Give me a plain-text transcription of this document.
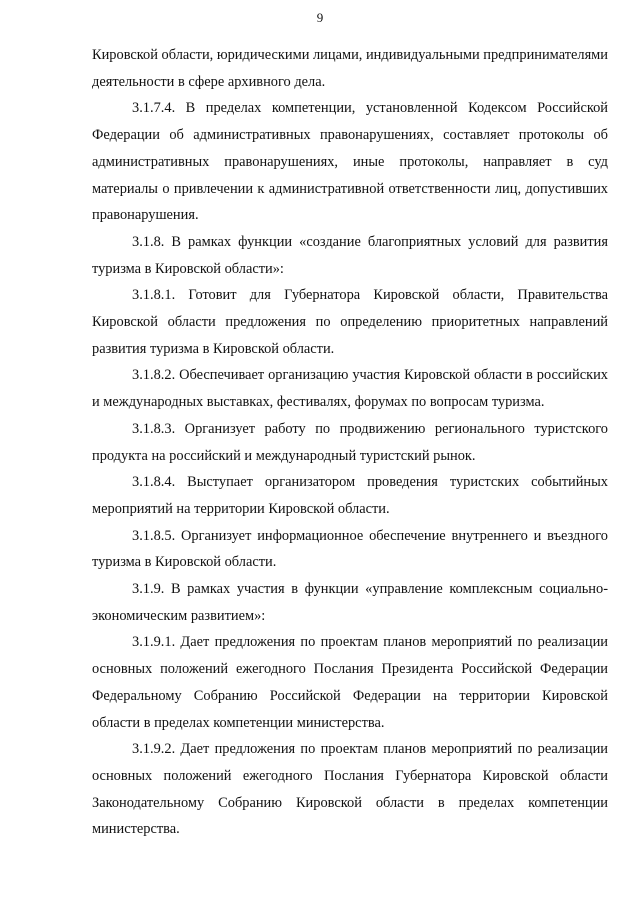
9

Кировской области, юридическими лицами, индивидуальными предпринимателями деятельности в сфере архивного дела.

3.1.7.4. В пределах компетенции, установленной Кодексом Российской Федерации об административных правонарушениях, составляет протоколы об административных правонарушениях, иные протоколы, направляет в суд материалы о привлечении к административной ответственности лиц, допустивших правонарушения.

3.1.8. В рамках функции «создание благоприятных условий для развития туризма в Кировской области»:

3.1.8.1. Готовит для Губернатора Кировской области, Правительства Кировской области предложения по определению приоритетных направлений развития туризма в Кировской области.

3.1.8.2. Обеспечивает организацию участия Кировской области в российских и международных выставках, фестивалях, форумах по вопросам туризма.

3.1.8.3. Организует работу по продвижению регионального туристского продукта на российский и международный туристский рынок.

3.1.8.4. Выступает организатором проведения туристских событийных мероприятий на территории Кировской области.

3.1.8.5. Организует информационное обеспечение внутреннего и въездного туризма в Кировской области.

3.1.9. В рамках участия в функции «управление комплексным социально-экономическим развитием»:

3.1.9.1. Дает предложения по проектам планов мероприятий по реализации основных положений ежегодного Послания Президента Российской Федерации Федеральному Собранию Российской Федерации на территории Кировской области в пределах компетенции министерства.

3.1.9.2. Дает предложения по проектам планов мероприятий по реализации основных положений ежегодного Послания Губернатора Кировской области Законодательному Собранию Кировской области в пределах компетенции министерства.
